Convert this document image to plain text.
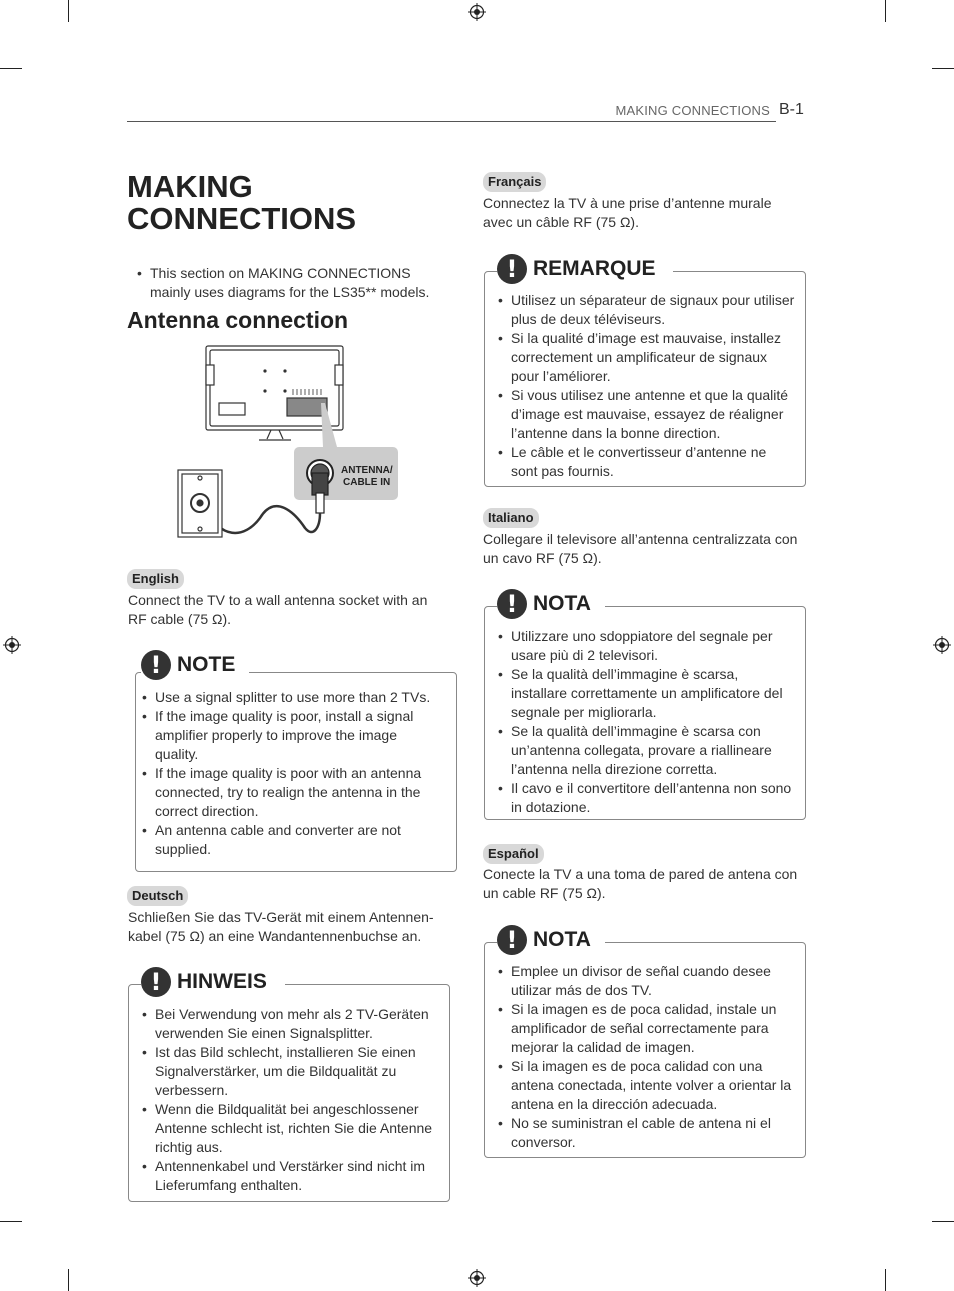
MAKING CONNECTIONS B-1
MAKING
CONNECTIONS
• This section on MAKING CONNECTIONS mainly uses diagrams for the LS35** models.
Antenna connection
ANTENNA/
CABLE IN
English
Connect the TV to a wall antenna socket with an RF cable (75 Ω).
! NOTE
• Use a signal splitter to use more than 2 TVs.
• If the image quality is poor, install a signal amplifier properly to improve the image quality.
• If the image quality is poor with an antenna connected, try to realign the antenna in the correct direction.
• An antenna cable and converter are not supplied.
Deutsch
Schließen Sie das TV-Gerät mit einem Antennen-kabel (75 Ω) an eine Wandantennenbuchse an.
! HINWEIS
• Bei Verwendung von mehr als 2 TV-Geräten verwenden Sie einen Signalsplitter.
• Ist das Bild schlecht, installieren Sie einen Signalverstärker, um die Bildqualität zu verbessern.
• Wenn die Bildqualität bei angeschlossener Antenne schlecht ist, richten Sie die Antenne richtig aus.
• Antennenkabel und Verstärker sind nicht im Lieferumfang enthalten.
Français
Connectez la TV à une prise d’antenne murale avec un câble RF (75 Ω).
! REMARQUE
• Utilisez un séparateur de signaux pour utiliser plus de deux téléviseurs.
• Si la qualité d’image est mauvaise, installez correctement un amplificateur de signaux pour l’améliorer.
• Si vous utilisez une antenne et que la qualité d’image est mauvaise, essayez de réaligner l’antenne dans la bonne direction.
• Le câble et le convertisseur d’antenne ne sont pas fournis.
Italiano
Collegare il televisore all’antenna centralizzata con un cavo RF (75 Ω).
! NOTA
• Utilizzare uno sdoppiatore del segnale per usare più di 2 televisori.
• Se la qualità dell’immagine è scarsa, installare correttamente un amplificatore del segnale per migliorarla.
• Se la qualità dell’immagine è scarsa con un’antenna collegata, provare a riallineare l’antenna nella direzione corretta.
• Il cavo e il convertitore dell’antenna non sono in dotazione.
Español
Conecte la TV a una toma de pared de antena con un cable RF (75 Ω).
! NOTA
• Emplee un divisor de señal cuando desee utilizar más de dos TV.
• Si la imagen es de poca calidad, instale un amplificador de señal correctamente para mejorar la calidad de imagen.
• Si la imagen es de poca calidad con una antena conectada, intente volver a orientar la antena en la dirección adecuada.
• No se suministran el cable de antena ni el conversor.
